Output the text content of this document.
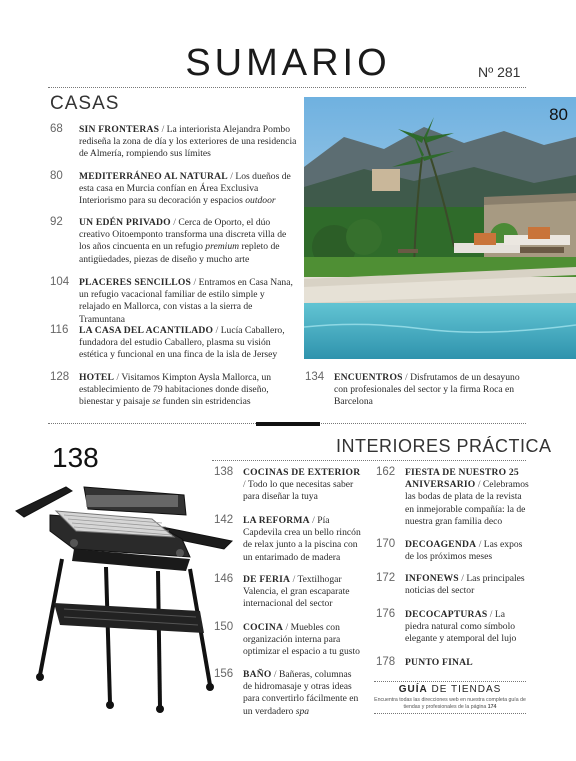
SUMARIO	Nº 281
CASAS
68 SIN FRONTERAS / La interiorista Alejandra Pombo rediseña la zona de día y los exteriores de una residencia de Almería, rompiendo sus límites
80 MEDITERRÁNEO AL NATURAL / Los dueños de esta casa en Murcia confían en Área Exclusiva Interiorismo para su decoración y espacios outdoor
92 UN EDÉN PRIVADO / Cerca de Oporto, el dúo creativo Oitoemponto transforma una discreta villa de los años cincuenta en un refugio premium repleto de antigüedades, piezas de diseño y mucho arte
104 PLACERES SENCILLOS / Entramos en Casa Nana, un refugio vacacional familiar de estilo simple y relajado en Mallorca, con vistas a la sierra de Tramuntana
116 LA CASA DEL ACANTILADO / Lucía Caballero, fundadora del estudio Caballero, plasma su visión estética y funcional en una finca de la isla de Jersey
128 HOTEL / Visitamos Kimpton Aysla Mallorca, un establecimiento de 79 habitaciones donde diseño, bienestar y paisaje se funden sin estridencias
134 ENCUENTROS / Disfrutamos de un desayuno con profesionales del sector y la firma Roca en Barcelona
80
INTERIORES PRÁCTICA
138	138 COCINAS DE EXTERIOR / Todo lo que necesitas saber para diseñar la tuya
142 LA REFORMA / Pía Capdevila crea un bello rincón de relax junto a la piscina con un entarimado de madera
146 DE FERIA / Textilhogar Valencia, el gran escaparate internacional del sector
150 COCINA / Muebles con organización interna para optimizar el espacio a tu gusto
156 BAÑO / Bañeras, columnas de hidromasaje y otras ideas para convertirlo fácilmente en un verdadero spa
162 FIESTA DE NUESTRO 25 ANIVERSARIO / Celebramos las bodas de plata de la revista en inmejorable compañía: la de nuestra gran familia deco
170 DECOAGENDA / Las expos de los próximos meses
172 INFONEWS / Las principales noticias del sector
176 DECOCAPTURAS / La piedra natural como símbolo elegante y atemporal del lujo
178 PUNTO FINAL
GUÍA DE TIENDAS
Encuentra todas las direcciones web en nuestra completa guía de tiendas y profesionales de la página 174
